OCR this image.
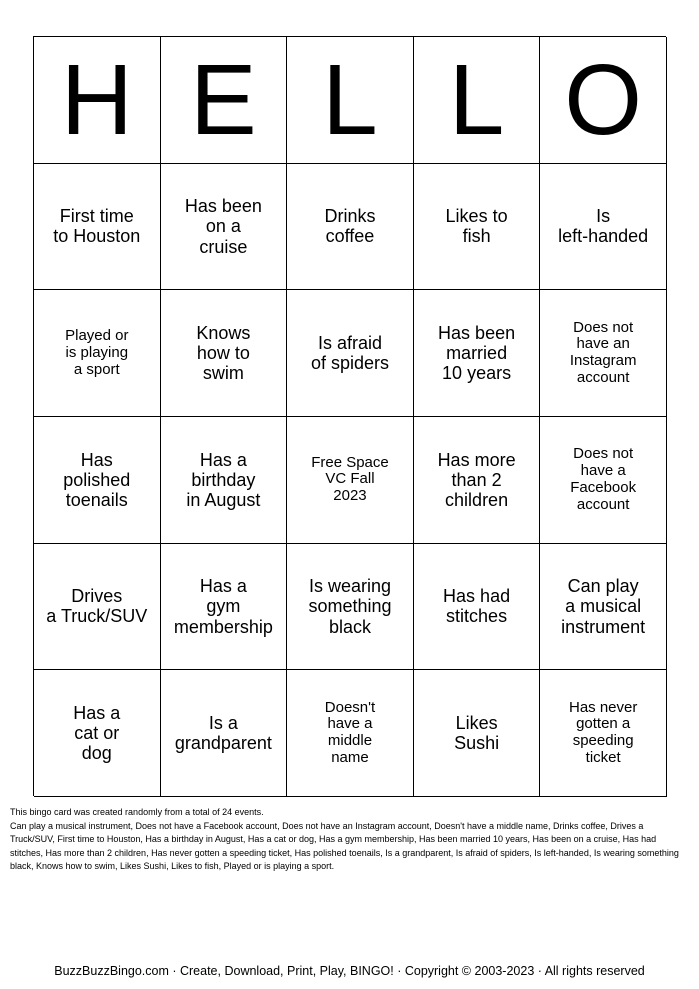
H E L L O
First time
to Houston
Has been
on a
cruise
Drinks
coffee
Likes to
fish
Is
left-handed
Played or
is playing
a sport
Knows
how to
swim
Is afraid
of spiders
Has been
married
10 years
Does not
have an
Instagram
account
Has
polished
toenails
Has a
birthday
in August
Free Space
VC Fall
2023
Has more
than 2
children
Does not
have a
Facebook
account
Drives
a Truck/SUV
Has a
gym
membership
Is wearing
something
black
Has had
stitches
Can play
a musical
instrument
Has a
cat or
dog
Is a
grandparent
Doesn't
have a
middle
name
Likes
Sushi
Has never
gotten a
speeding
ticket

This bingo card was created randomly from a total of 24 events.

Can play a musical instrument, Does not have a Facebook account, Does not have an Instagram account, Doesn't have a middle name, Drinks coffee, Drives a Truck/SUV, First time to Houston, Has a birthday in August, Has a cat or dog, Has a gym membership, Has been married 10 years, Has been on a cruise, Has had stitches, Has more than 2 children, Has never gotten a speeding ticket, Has polished toenails, Is a grandparent, Is afraid of spiders, Is left-handed, Is wearing something black, Knows how to swim, Likes Sushi, Likes to fish, Played or is playing a sport.

BuzzBuzzBingo.com · Create, Download, Print, Play, BINGO! · Copyright © 2003-2023 · All rights reserved
